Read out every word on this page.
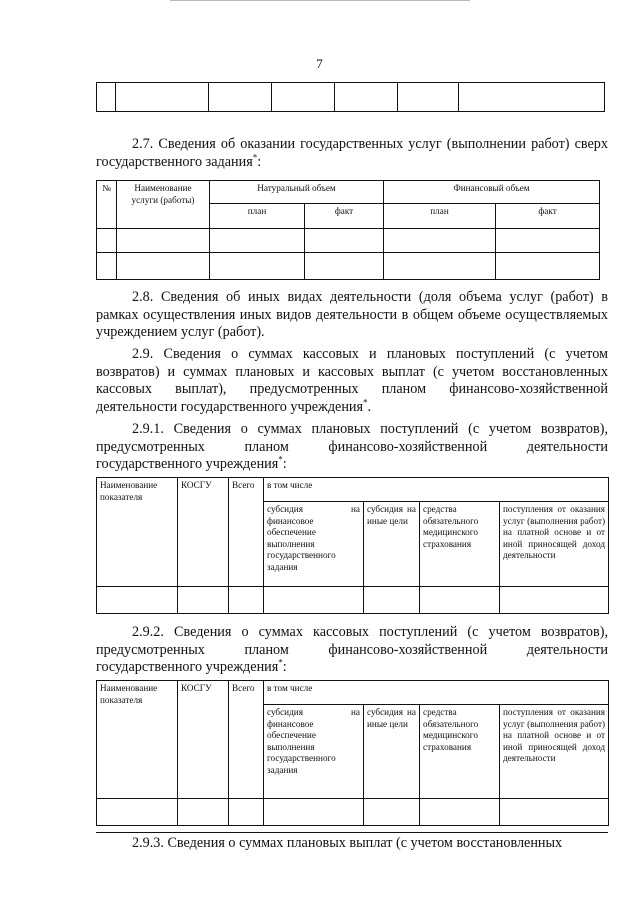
7

2.7. Сведения об оказании государственных услуг (выполнении работ) сверх государственного задания*:

№	Наименование услуги (работы)	Натуральный объем		Финансовый объем	
		план	факт	план	факт

2.8. Сведения об иных видах деятельности (доля объема услуг (работ) в рамках осуществления иных видов деятельности в общем объеме осуществляемых учреждением услуг (работ).

2.9. Сведения о суммах кассовых и плановых поступлений (с учетом возвратов) и суммах плановых и кассовых выплат (с учетом восстановленных кассовых выплат), предусмотренных планом финансово-хозяйственной деятельности государственного учреждения*.

2.9.1. Сведения о суммах плановых поступлений (с учетом возвратов), предусмотренных планом финансово-хозяйственной деятельности государственного учреждения*:

Наименование показателя	КОСГУ	Всего	в том числе			
			субсидия на финансовое обеспечение выполнения государственного задания	субсидия на иные цели	средства обязательного медицинского страхования	поступления от оказания услуг (выполнения работ) на платной основе и от иной приносящей доход деятельности

2.9.2. Сведения о суммах кассовых поступлений (с учетом возвратов), предусмотренных планом финансово-хозяйственной деятельности государственного учреждения*:

Наименование показателя	КОСГУ	Всего	в том числе			
			субсидия на финансовое обеспечение выполнения государственного задания	субсидия на иные цели	средства обязательного медицинского страхования	поступления от оказания услуг (выполнения работ) на платной основе и от иной приносящей доход деятельности

2.9.3. Сведения о суммах плановых выплат (с учетом восстановленных
